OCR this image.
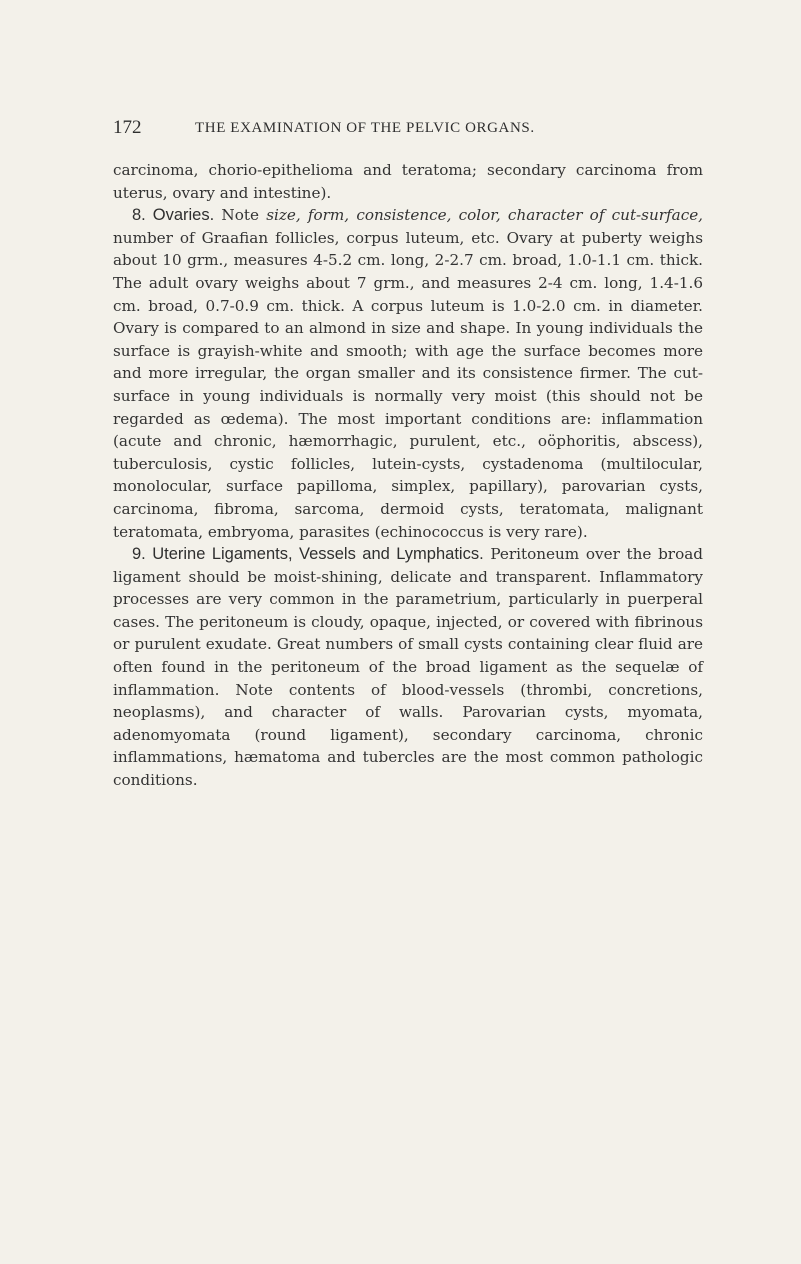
172	THE EXAMINATION OF THE PELVIC ORGANS.

carcinoma, chorio-epithelioma and teratoma; secondary carcinoma from uterus, ovary and intestine).

8. Ovaries. Note size, form, consistence, color, character of cut-surface, number of Graafian follicles, corpus luteum, etc. Ovary at puberty weighs about 10 grm., measures 4-5.2 cm. long, 2-2.7 cm. broad, 1.0-1.1 cm. thick. The adult ovary weighs about 7 grm., and measures 2-4 cm. long, 1.4-1.6 cm. broad, 0.7-0.9 cm. thick. A corpus luteum is 1.0-2.0 cm. in diameter. Ovary is compared to an almond in size and shape. In young individuals the surface is grayish-white and smooth; with age the surface becomes more and more irregular, the organ smaller and its consistence firmer. The cut-surface in young individuals is normally very moist (this should not be regarded as œdema). The most important conditions are: inflammation (acute and chronic, hæmorrhagic, purulent, etc., oöphoritis, abscess), tuberculosis, cystic follicles, lutein-cysts, cystadenoma (multilocular, monolocular, surface papilloma, simplex, papillary), parovarian cysts, carcinoma, fibroma, sarcoma, dermoid cysts, teratomata, malignant teratomata, embryoma, parasites (echinococcus is very rare).

9. Uterine Ligaments, Vessels and Lymphatics. Peritoneum over the broad ligament should be moist-shining, delicate and transparent. Inflammatory processes are very common in the parametrium, particularly in puerperal cases. The peritoneum is cloudy, opaque, injected, or covered with fibrinous or purulent exudate. Great numbers of small cysts containing clear fluid are often found in the peritoneum of the broad ligament as the sequelæ of inflammation. Note contents of blood-vessels (thrombi, concretions, neoplasms), and character of walls. Parovarian cysts, myomata, adenomyomata (round ligament), secondary carcinoma, chronic inflammations, hæmatoma and tubercles are the most common pathologic conditions.
